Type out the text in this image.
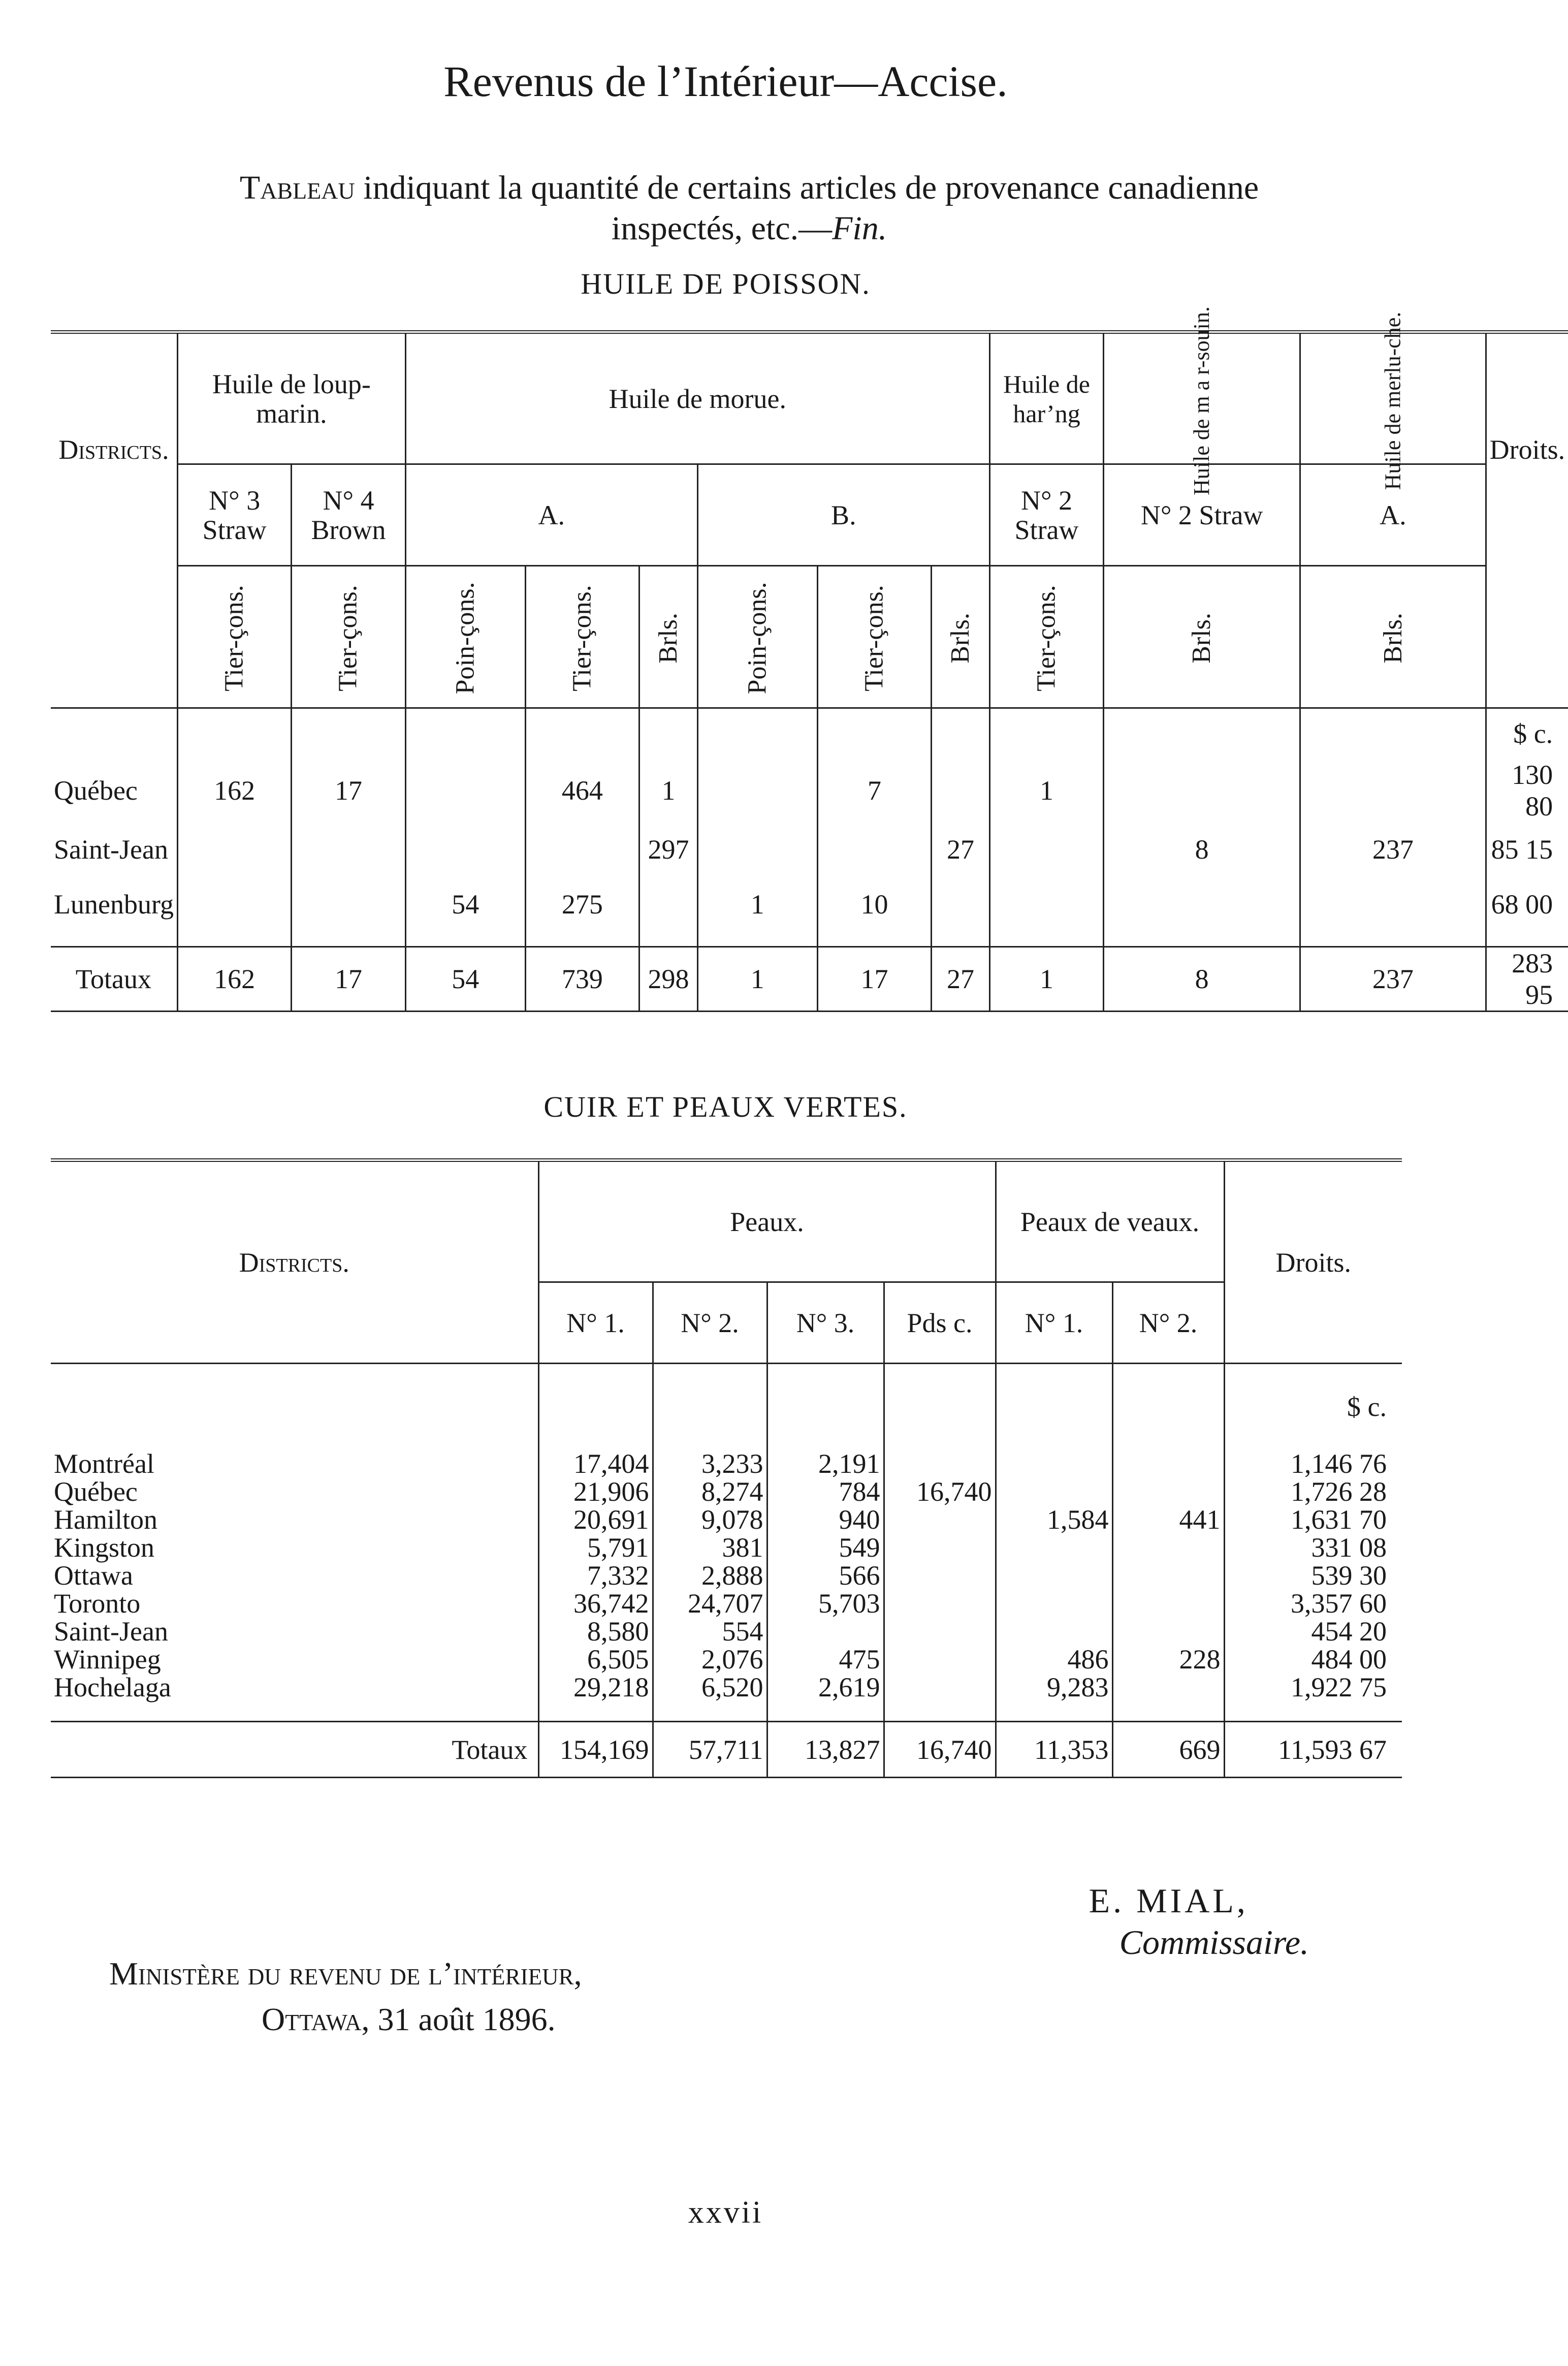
Revenus de l’Intérieur—Accise.
Tableau indiquant la quantité de certains articles de provenance canadienne
inspectés, etc.—Fin.
HUILE DE POISSON.
Districts.	Huile de loup-marin.		Huile de morue.						Huile de har’ng	Huile de m a r-souin.	Huile de merlu-che.	Droits.
	N° 3 Straw	N° 4 Brown	A.			B.			N° 2 Straw	N° 2 Straw	A.	
	Tier-çons.	Tier-çons.	Poin-çons.	Tier-çons.	Brls.	Poin-çons.	Tier-çons.	Brls.	Tier-çons.	Brls.	Brls.	
												$ c.
Québec	162	17		464	1		7		1			130 80
Saint-Jean					297			27		8	237	85 15
Lunenburg			54	275		1	10					68 00

Totaux	162	17	54	739	298	1	17	27	1	8	237	283 95
CUIR ET PEAUX VERTES.
Districts.	Peaux.				Peaux de veaux.		Droits.
	N° 1.	N° 2.	N° 3.	Pds c.	N° 1.	N° 2.	
							$ c.
Montréal	17,404	3,233	2,191				1,146 76
Québec	21,906	8,274	784	16,740			1,726 28
Hamilton	20,691	9,078	940		1,584	441	1,631 70
Kingston	5,791	381	549				331 08
Ottawa	7,332	2,888	566				539 30
Toronto	36,742	24,707	5,703				3,357 60
Saint-Jean	8,580	554					454 20
Winnipeg	6,505	2,076	475		486	228	484 00
Hochelaga	29,218	6,520	2,619		9,283		1,922 75

Totaux	154,169	57,711	13,827	16,740	11,353	669	11,593 67
E. MIAL,
Commissaire.
Ministère du revenu de l’intérieur,
Ottawa, 31 août 1896.
xxvii
